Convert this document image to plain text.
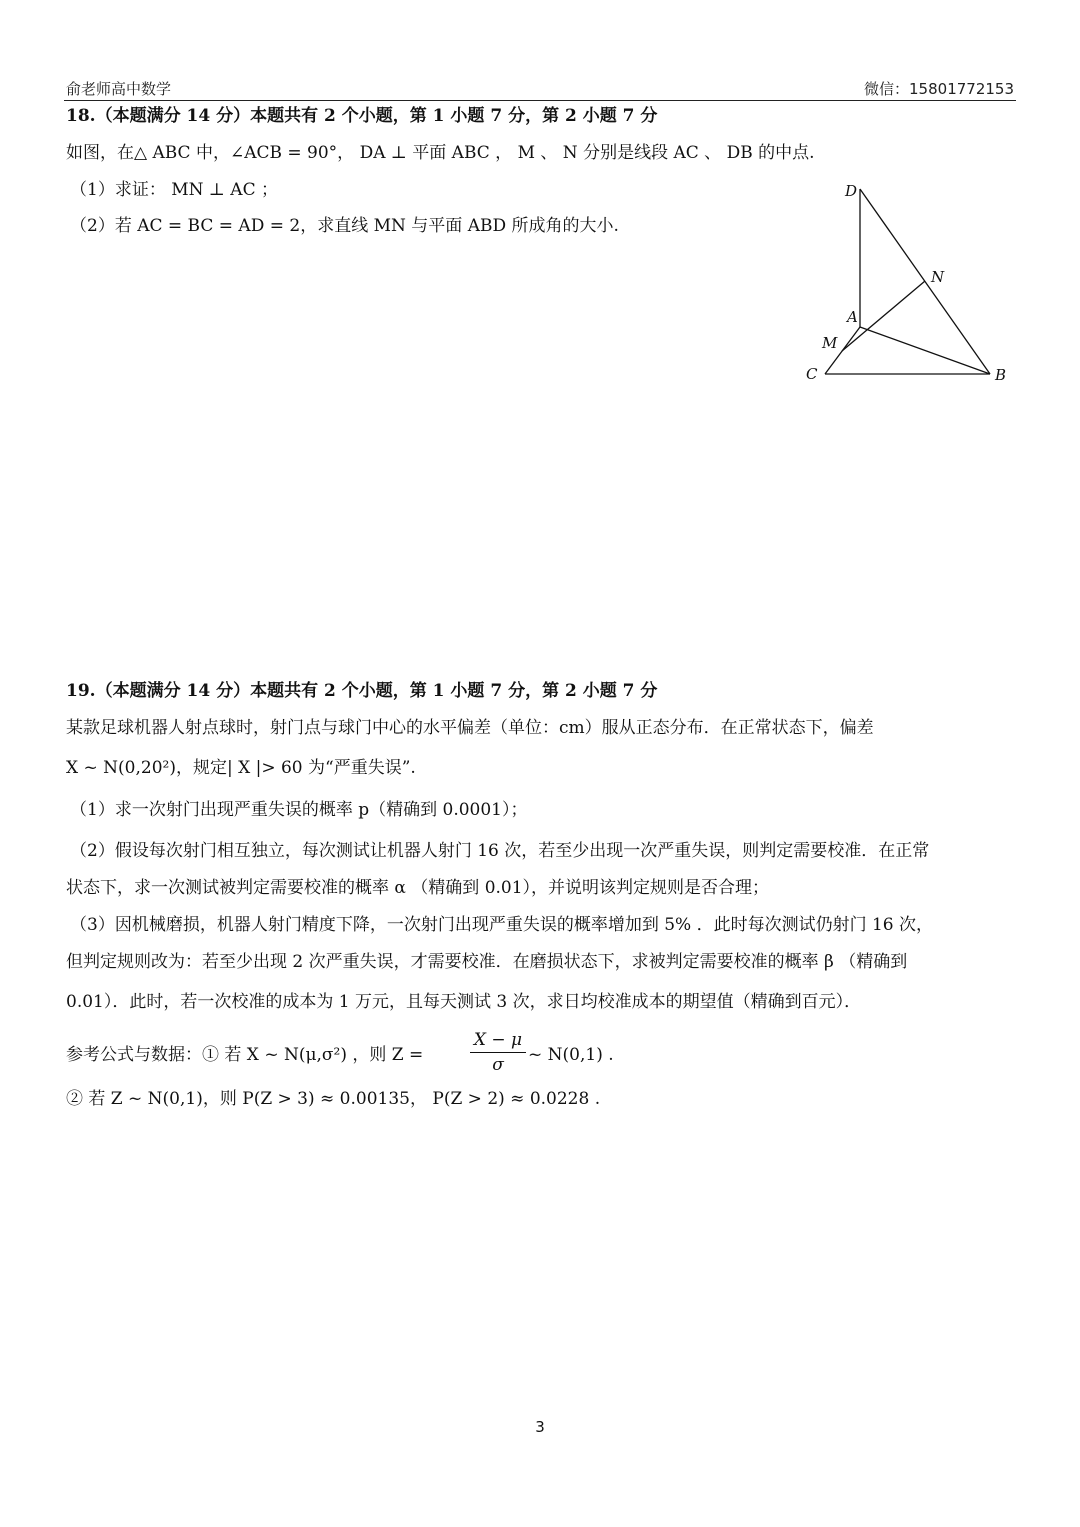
俞老师高中数学	微信：15801772153
18.（本题满分 14 分）本题共有 2 个小题，第 1 小题 7 分，第 2 小题 7 分
如图，在△ ABC 中，∠ACB = 90°， DA ⊥ 平面 ABC ， M 、 N 分别是线段 AC 、 DB 的中点.
（1）求证： MN ⊥ AC ；
（2）若 AC = BC = AD = 2，求直线 MN 与平面 ABD 所成角的大小.
D
N
A
M
C	B
19.（本题满分 14 分）本题共有 2 个小题，第 1 小题 7 分，第 2 小题 7 分
某款足球机器人射点球时，射门点与球门中心的水平偏差（单位：cm）服从正态分布．在正常状态下，偏差
X ~ N(0,20²)，规定| X |> 60 为“严重失误”.
（1）求一次射门出现严重失误的概率 p（精确到 0.0001）；
（2）假设每次射门相互独立，每次测试让机器人射门 16 次，若至少出现一次严重失误，则判定需要校准．在正常
状态下，求一次测试被判定需要校准的概率 α （精确到 0.01），并说明该判定规则是否合理；
（3）因机械磨损，机器人射门精度下降，一次射门出现严重失误的概率增加到 5% ．此时每次测试仍射门 16 次，
但判定规则改为：若至少出现 2 次严重失误，才需要校准．在磨损状态下，求被判定需要校准的概率 β （精确到
0.01）．此时，若一次校准的成本为 1 万元，且每天测试 3 次，求日均校准成本的期望值（精确到百元）．
参考公式与数据：① 若 X ~ N(μ,σ²) ，则 Z =
X − μ
σ	~ N(0,1) .
② 若 Z ~ N(0,1)，则 P(Z > 3) ≈ 0.00135， P(Z > 2) ≈ 0.0228 .
3
